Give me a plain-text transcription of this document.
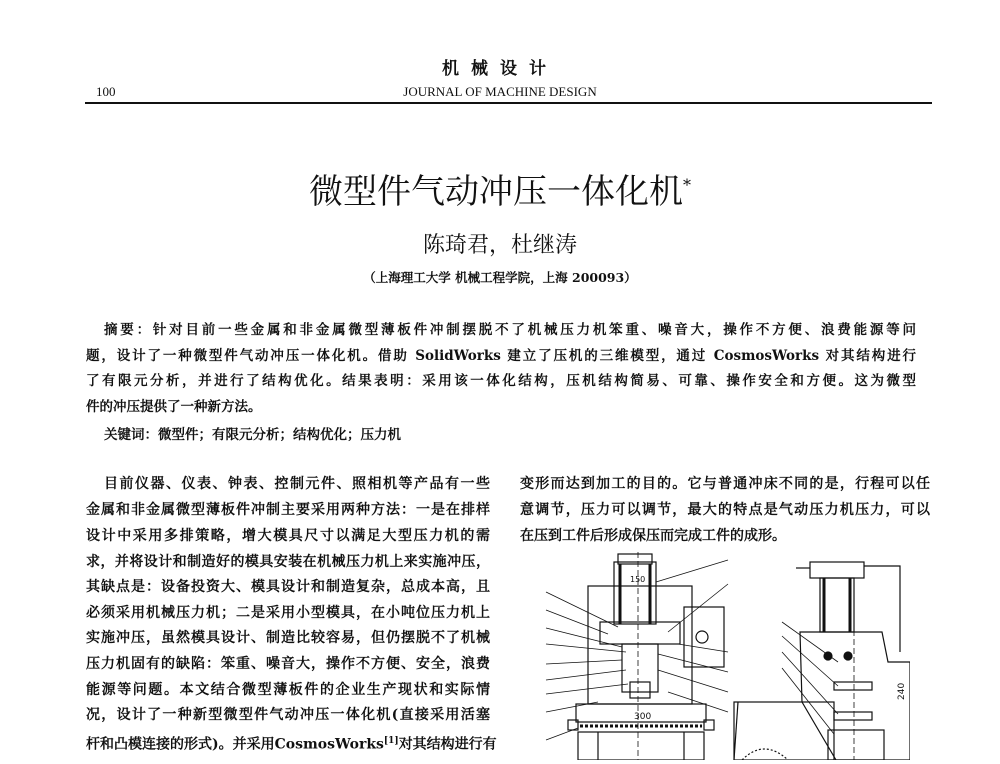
机械设计
100	JOURNAL OF MACHINE DESIGN
微型件气动冲压一体化机*
陈琦君，杜继涛
（上海理工大学 机械工程学院，上海 200093）
摘要：针对目前一些金属和非金属微型薄板件冲制摆脱不了机械压力机笨重、噪音大，操作不方便、浪费能源等问
题，设计了一种微型件气动冲压一体化机。借助 SolidWorks 建立了压机的三维模型，通过 CosmosWorks 对其结构进行
了有限元分析，并进行了结构优化。结果表明：采用该一体化结构，压机结构简易、可靠、操作安全和方便。这为微型
件的冲压提供了一种新方法。
关键词：微型件；有限元分析；结构优化；压力机
目前仪器、仪表、钟表、控制元件、照相机等产品有一些
金属和非金属微型薄板件冲制主要采用两种方法：一是在排样
设计中采用多排策略，增大模具尺寸以满足大型压力机的需
求，并将设计和制造好的模具安装在机械压力机上来实施冲压，
其缺点是：设备投资大、模具设计和制造复杂，总成本高，且
必须采用机械压力机；二是采用小型模具，在小吨位压力机上
实施冲压，虽然模具设计、制造比较容易，但仍摆脱不了机械
压力机固有的缺陷：笨重、噪音大，操作不方便、安全，浪费
能源等问题。本文结合微型薄板件的企业生产现状和实际情
况，设计了一种新型微型件气动冲压一体化机(直接采用活塞
杆和凸模连接的形式)。并采用CosmosWorks[1]对其结构进行有
变形而达到加工的目的。它与普通冲床不同的是，行程可以任
意调节，压力可以调节，最大的特点是气动压力机压力，可以
在压到工件后形成保压而完成工件的成形。
300
150
240
